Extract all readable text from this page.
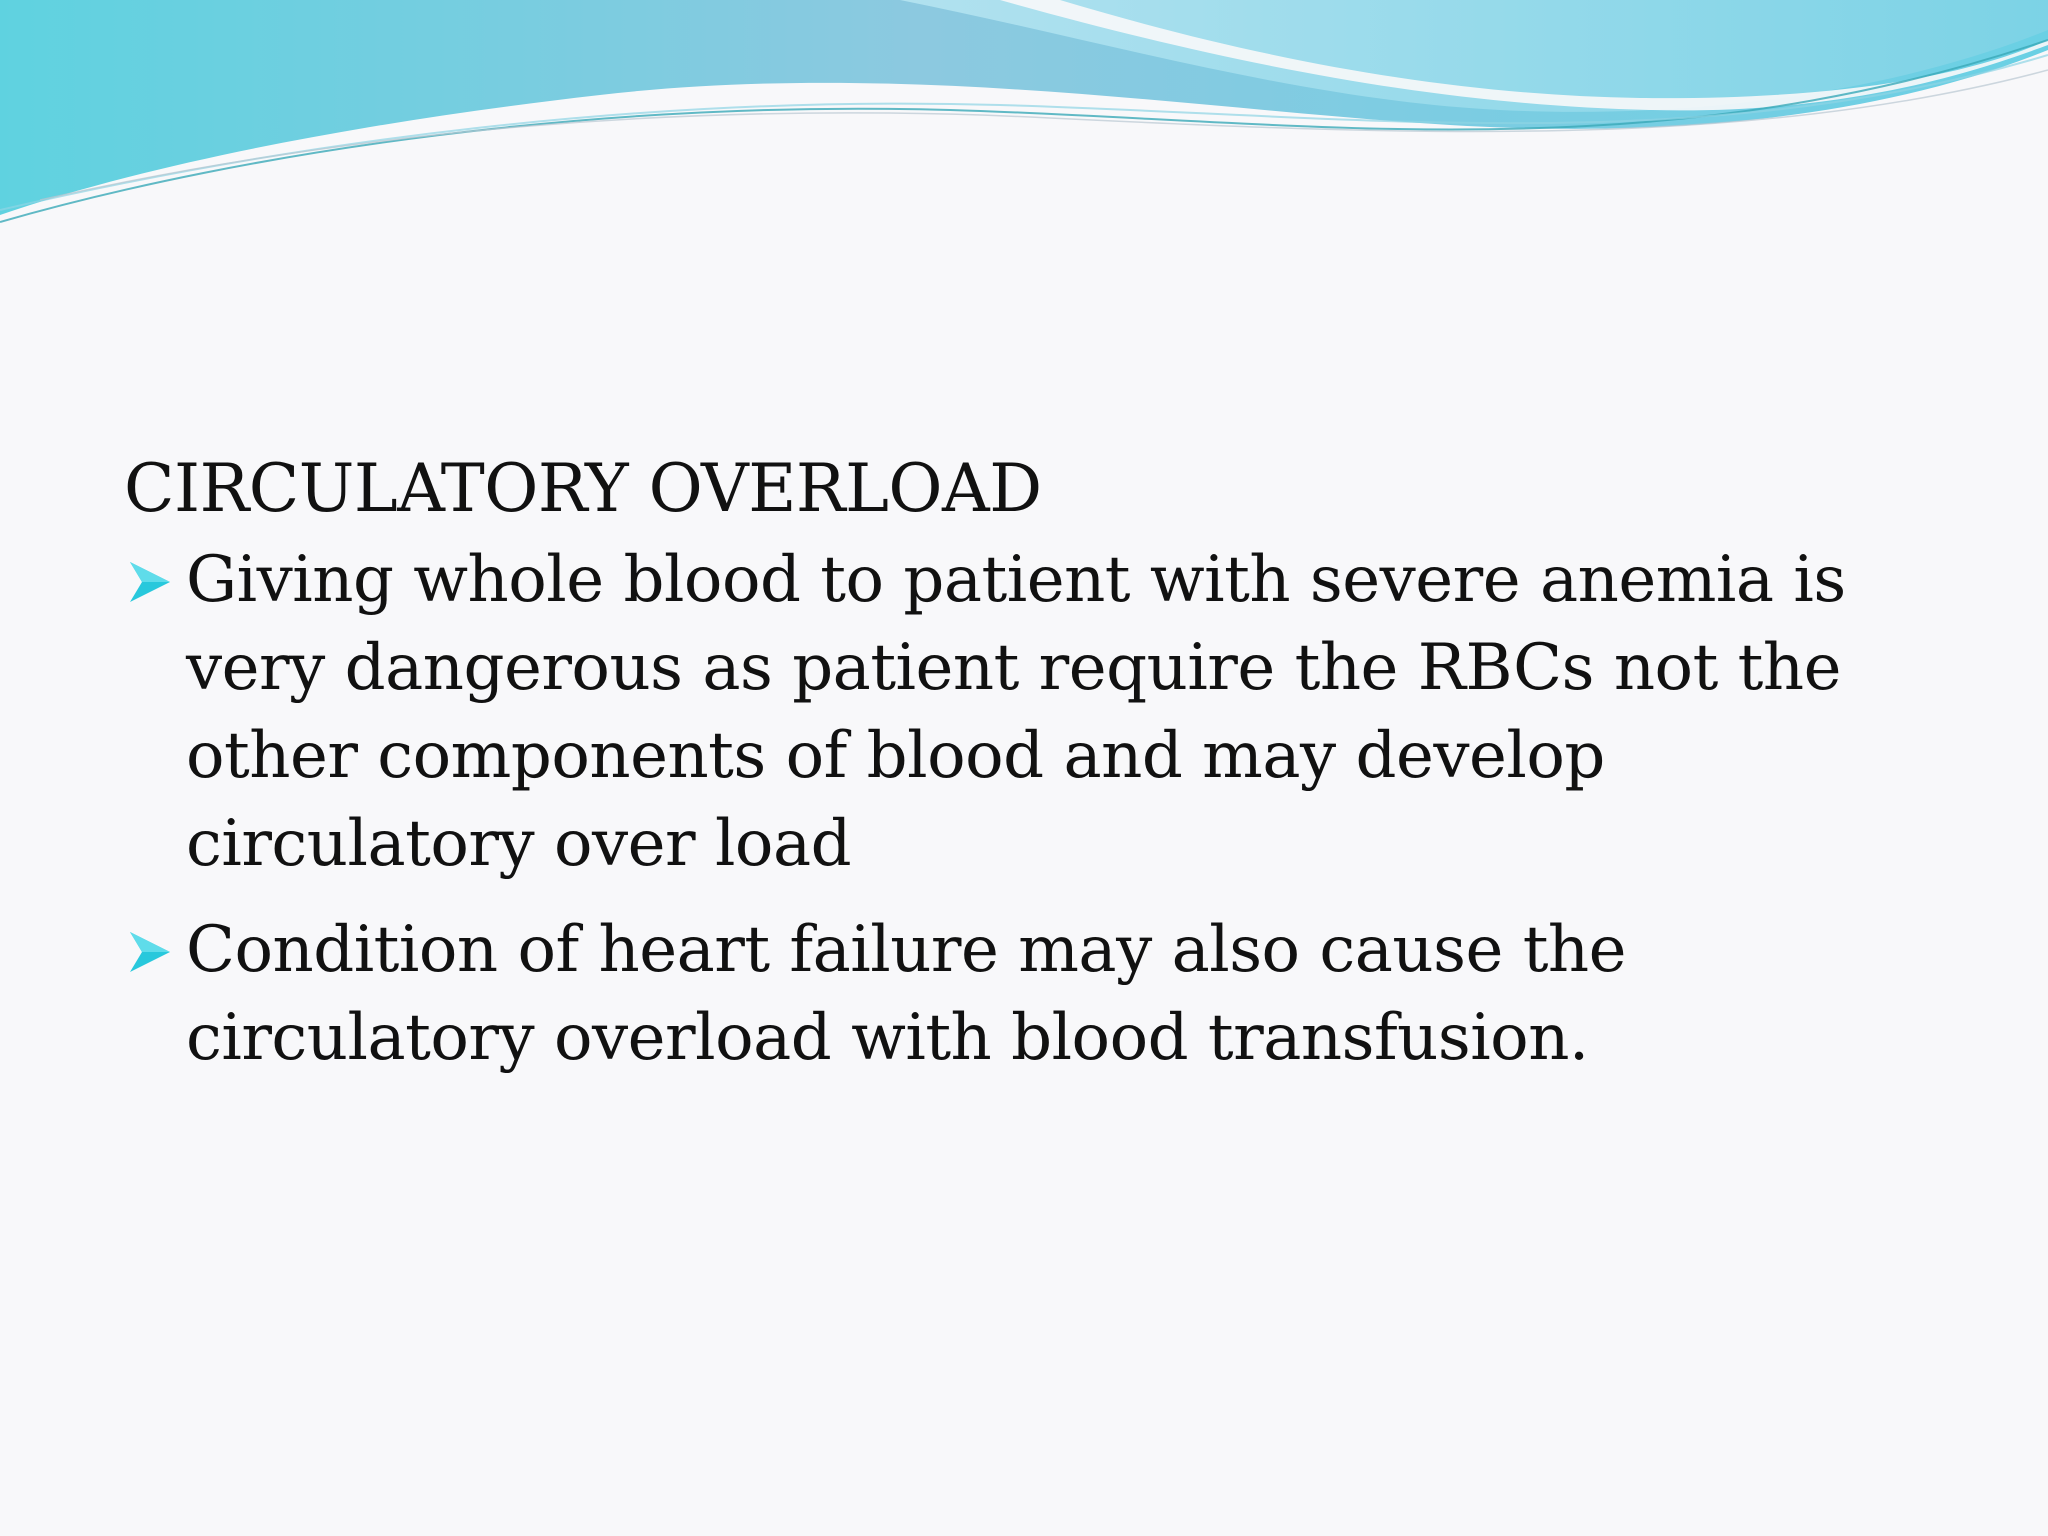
CIRCULATORY OVERLOAD

Giving whole blood to patient with severe anemia is very dangerous as patient require the RBCs not the other components of blood and may develop circulatory over load

Condition of heart failure may also cause the circulatory overload with blood transfusion.
